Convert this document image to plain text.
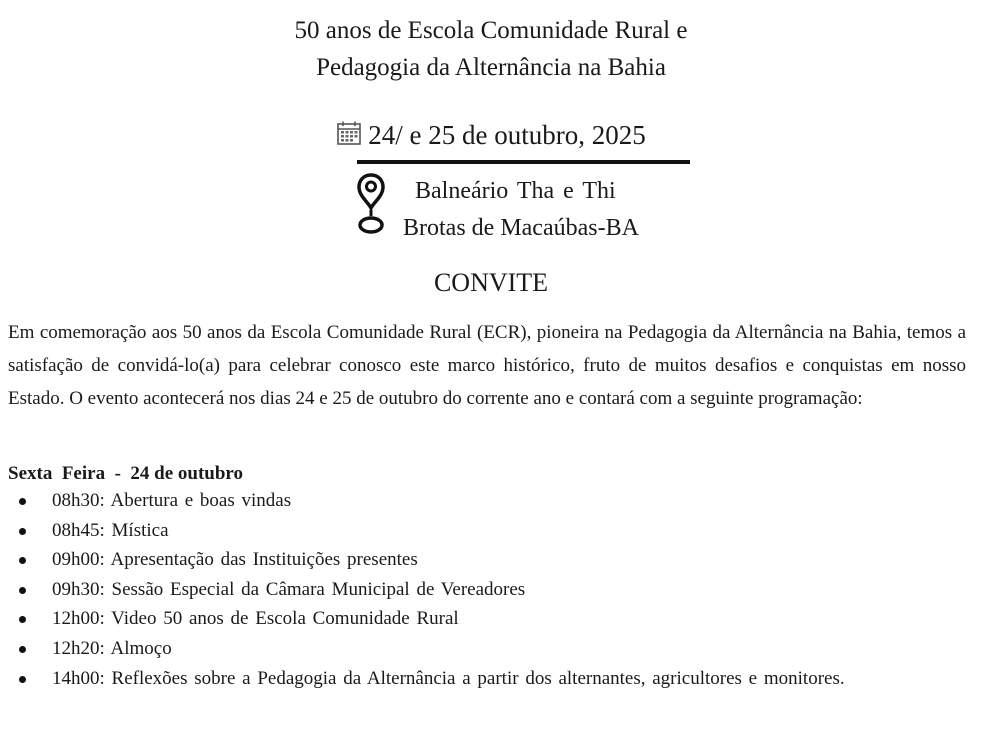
50 anos de Escola Comunidade Rural e
Pedagogia da Alternância na Bahia
24/ e 25 de outubro, 2025
Balneário Tha e Thi
Brotas de Macaúbas-BA
CONVITE

Em comemoração aos 50 anos da Escola Comunidade Rural (ECR), pioneira na Pedagogia da Alternância na Bahia, temos a satisfação de convidá-lo(a) para celebrar conosco este marco histórico, fruto de muitos desafios e conquistas em nosso Estado. O evento acontecerá nos dias 24 e 25 de outubro do corrente ano e contará com a seguinte programação:

Sexta  Feira  -  24 de outubro
08h30: Abertura e boas vindas
08h45: Mística
09h00: Apresentação das Instituições presentes
09h30: Sessão Especial da Câmara Municipal de Vereadores
12h00: Video 50 anos de Escola Comunidade Rural
12h20: Almoço
14h00: Reflexões sobre a Pedagogia da Alternância a partir dos alternantes, agricultores e monitores.
